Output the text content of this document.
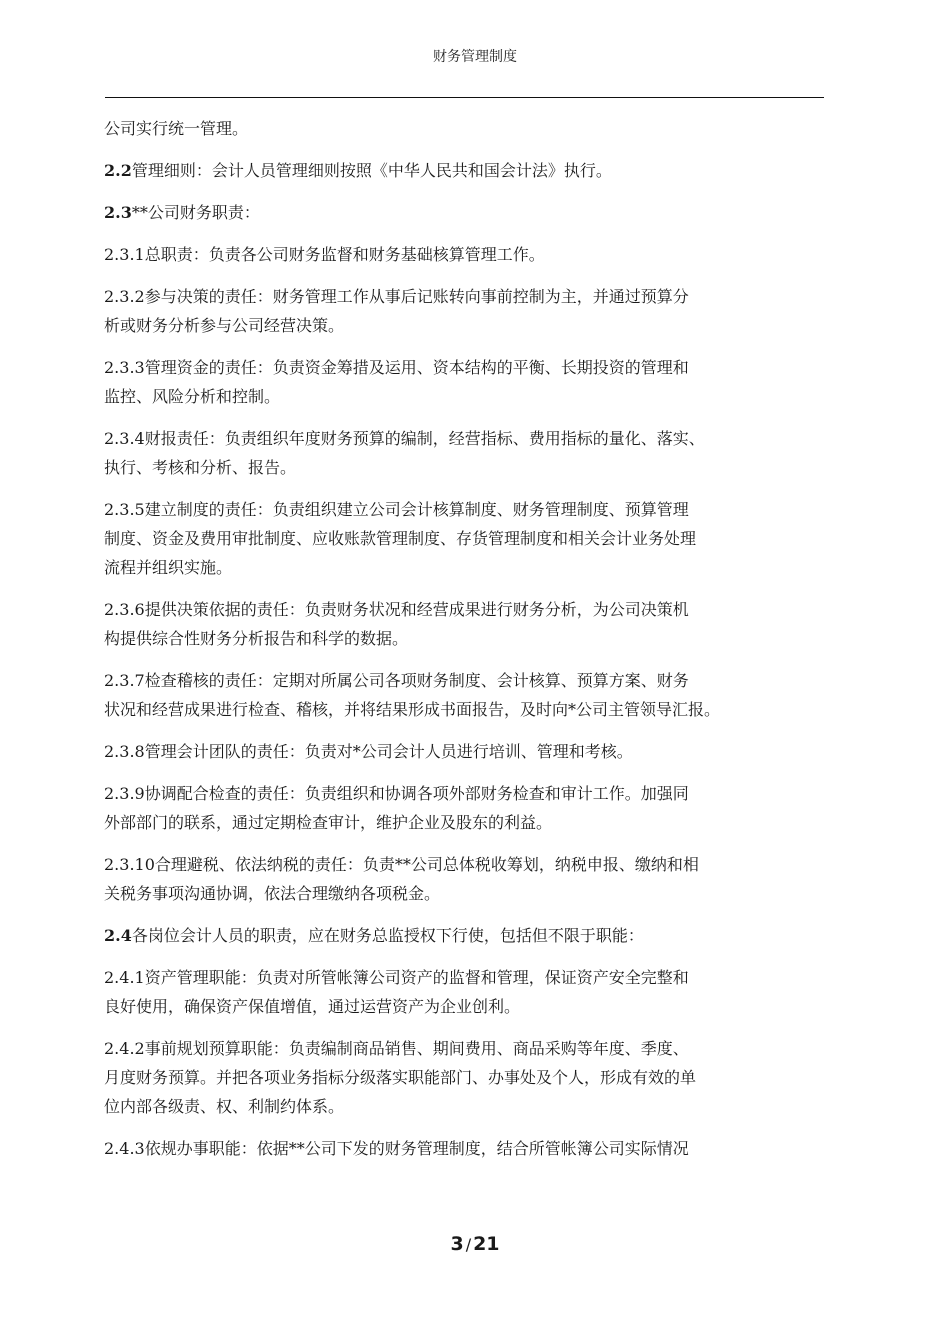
财务管理制度
公司实行统一管理。
2.2管理细则：会计人员管理细则按照《中华人民共和国会计法》执行。
2.3**公司财务职责：
2.3.1总职责：负责各公司财务监督和财务基础核算管理工作。
2.3.2参与决策的责任：财务管理工作从事后记账转向事前控制为主，并通过预算分
析或财务分析参与公司经营决策。
2.3.3管理资金的责任：负责资金筹措及运用、资本结构的平衡、长期投资的管理和
监控、风险分析和控制。
2.3.4财报责任：负责组织年度财务预算的编制，经营指标、费用指标的量化、落实、
执行、考核和分析、报告。
2.3.5建立制度的责任：负责组织建立公司会计核算制度、财务管理制度、预算管理
制度、资金及费用审批制度、应收账款管理制度、存货管理制度和相关会计业务处理
流程并组织实施。
2.3.6提供决策依据的责任：负责财务状况和经营成果进行财务分析，为公司决策机
构提供综合性财务分析报告和科学的数据。
2.3.7检查稽核的责任：定期对所属公司各项财务制度、会计核算、预算方案、财务
状况和经营成果进行检查、稽核，并将结果形成书面报告，及时向*公司主管领导汇报。
2.3.8管理会计团队的责任：负责对*公司会计人员进行培训、管理和考核。
2.3.9协调配合检查的责任：负责组织和协调各项外部财务检查和审计工作。加强同
外部部门的联系，通过定期检查审计，维护企业及股东的利益。
2.3.10合理避税、依法纳税的责任：负责**公司总体税收筹划，纳税申报、缴纳和相
关税务事项沟通协调，依法合理缴纳各项税金。
2.4各岗位会计人员的职责，应在财务总监授权下行使，包括但不限于职能：
2.4.1资产管理职能：负责对所管帐簿公司资产的监督和管理，保证资产安全完整和
良好使用，确保资产保值增值，通过运营资产为企业创利。
2.4.2事前规划预算职能：负责编制商品销售、期间费用、商品采购等年度、季度、
月度财务预算。并把各项业务指标分级落实职能部门、办事处及个人，形成有效的单
位内部各级责、权、利制约体系。
2.4.3依规办事职能：依据**公司下发的财务管理制度，结合所管帐簿公司实际情况
3 / 21
